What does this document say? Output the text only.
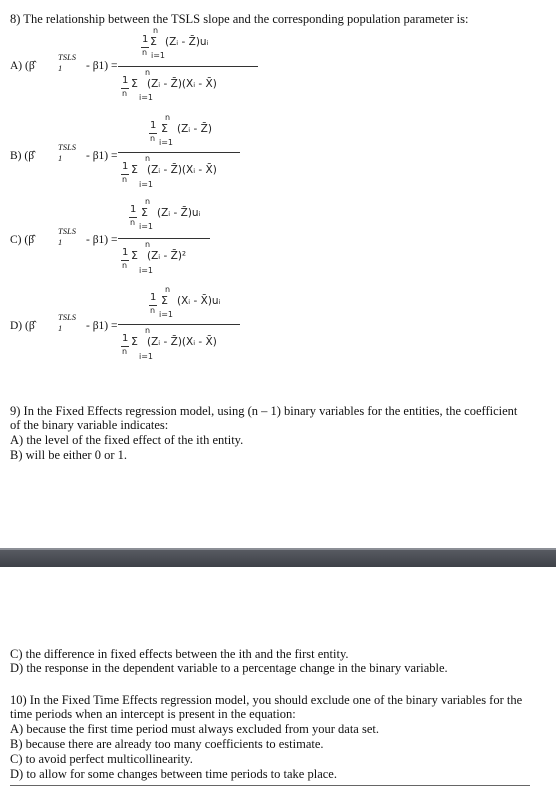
8) The relationship between the TSLS slope and the corresponding population parameter is:
A) (β̂
TSLS
1 - β1) =
n
1
n
Σ (Zᵢ - Z̄)uᵢ
i=1
n
1
n
Σ (Zᵢ - Z̄)(Xᵢ - X̄)
i=1
B) (β̂
TSLS
1 - β1) =
n
1
n
Σ (Zᵢ - Z̄)
i=1
n
1
n
Σ (Zᵢ - Z̄)(Xᵢ - X̄)
i=1
C) (β̂
TSLS
1 - β1) =
n
1
n
Σ (Zᵢ - Z̄)uᵢ
i=1
n
1
n
Σ (Zᵢ - Z̄)²
i=1
D) (β̂
TSLS
1 - β1) =
n
1
n
Σ (Xᵢ - X̄)uᵢ
i=1
n
1
n
Σ (Zᵢ - Z̄)(Xᵢ - X̄)
i=1
9) In the Fixed Effects regression model, using (n – 1) binary variables for the entities, the coefficient of the binary variable indicates:
A) the level of the fixed effect of the ith entity.
B) will be either 0 or 1.
C) the difference in fixed effects between the ith and the first entity.
D) the response in the dependent variable to a percentage change in the binary variable.
10) In the Fixed Time Effects regression model, you should exclude one of the binary variables for the time periods when an intercept is present in the equation:
A) because the first time period must always excluded from your data set.
B) because there are already too many coefficients to estimate.
C) to avoid perfect multicollinearity.
D) to allow for some changes between time periods to take place.
